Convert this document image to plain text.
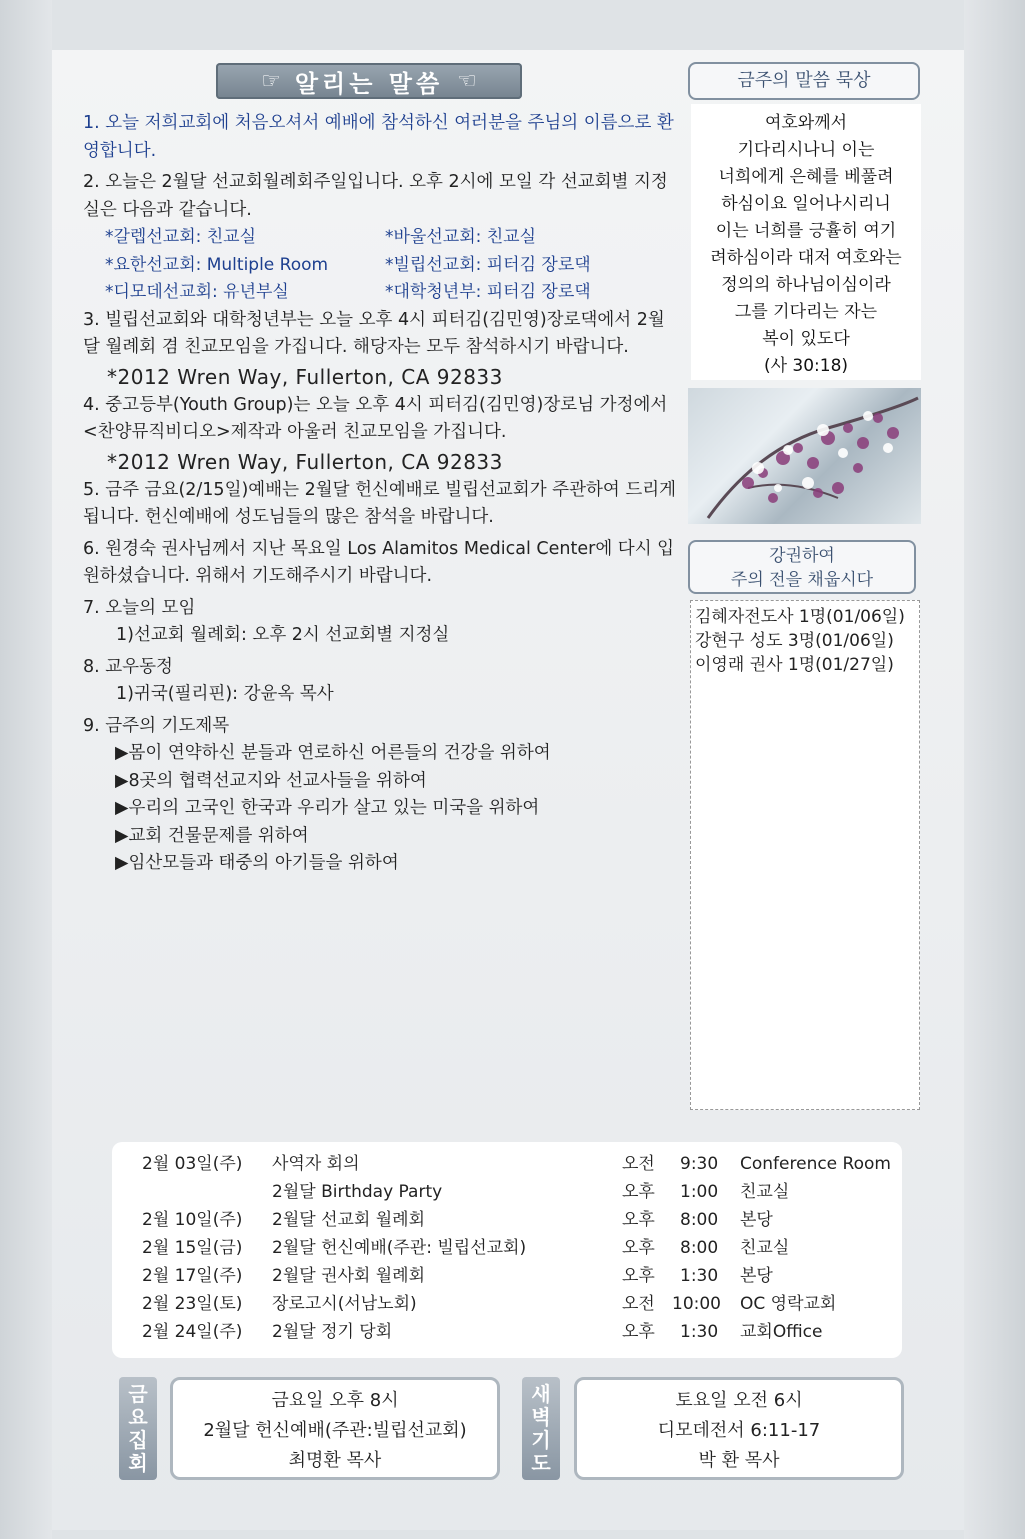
☞ 알리는 말씀 ☜

1. 오늘 저희교회에 처음오셔서 예배에 참석하신 여러분을 주님의 이름으로 환영합니다.

2. 오늘은 2월달 선교회월례회주일입니다. 오후 2시에 모일 각 선교회별 지정실은 다음과 같습니다.

*갈렙선교회: 친교실	*바울선교회: 친교실
*요한선교회: Multiple Room	*빌립선교회: 피터김 장로댁
*디모데선교회: 유년부실	*대학청년부: 피터김 장로댁

3. 빌립선교회와 대학청년부는 오늘 오후 4시 피터김(김민영)장로댁에서 2월달 월례회 겸 친교모임을 가집니다. 해당자는 모두 참석하시기 바랍니다.

*2012 Wren Way, Fullerton, CA 92833

4. 중고등부(Youth Group)는 오늘 오후 4시 피터김(김민영)장로님 가정에서 <찬양뮤직비디오>제작과 아울러 친교모임을 가집니다.

*2012 Wren Way, Fullerton, CA 92833

5. 금주 금요(2/15일)예배는 2월달 헌신예배로 빌립선교회가 주관하여 드리게 됩니다. 헌신예배에 성도님들의 많은 참석을 바랍니다.

6. 원경숙 권사님께서 지난 목요일 Los Alamitos Medical Center에 다시 입원하셨습니다. 위해서 기도해주시기 바랍니다.

7. 오늘의 모임

1)선교회 월례회: 오후 2시 선교회별 지정실

8. 교우동정

1)귀국(필리핀): 강윤옥 목사

9. 금주의 기도제목

▶몸이 연약하신 분들과 연로하신 어른들의 건강을 위하여
▶8곳의 협력선교지와 선교사들을 위하여
▶우리의 고국인 한국과 우리가 살고 있는 미국을 위하여
▶교회 건물문제를 위하여
▶임산모들과 태중의 아기들을 위하여
금주의 말씀 묵상
여호와께서
기다리시나니 이는
너희에게 은혜를 베풀려
하심이요 일어나시리니
이는 너희를 긍휼히 여기
려하심이라 대저 여호와는
정의의 하나님이심이라
그를 기다리는 자는
복이 있도다
(사 30:18)
강권하여
주의 전을 채웁시다
김혜자전도사 1명(01/06일)
강현구 성도 3명(01/06일)
이영래 권사 1명(01/27일)
2월 03일(주) 사역자 회의	오전 9:30 Conference Room
2월달 Birthday Party	오후 1:00 친교실
2월 10일(주) 2월달 선교회 월례회	오후 8:00 본당
2월 15일(금) 2월달 헌신예배(주관: 빌립선교회)	오후 8:00 친교실
2월 17일(주) 2월달 권사회 월례회	오후 1:30 본당
2월 23일(토) 장로고시(서남노회)	오전 10:00 OC 영락교회
2월 24일(주) 2월달 정기 당회	오후 1:30 교회Office
금
요
집
회
금요일 오후 8시
2월달 헌신예배(주관:빌립선교회)
최명환 목사
새
벽
기
도
토요일 오전 6시
디모데전서 6:11-17
박 환 목사
